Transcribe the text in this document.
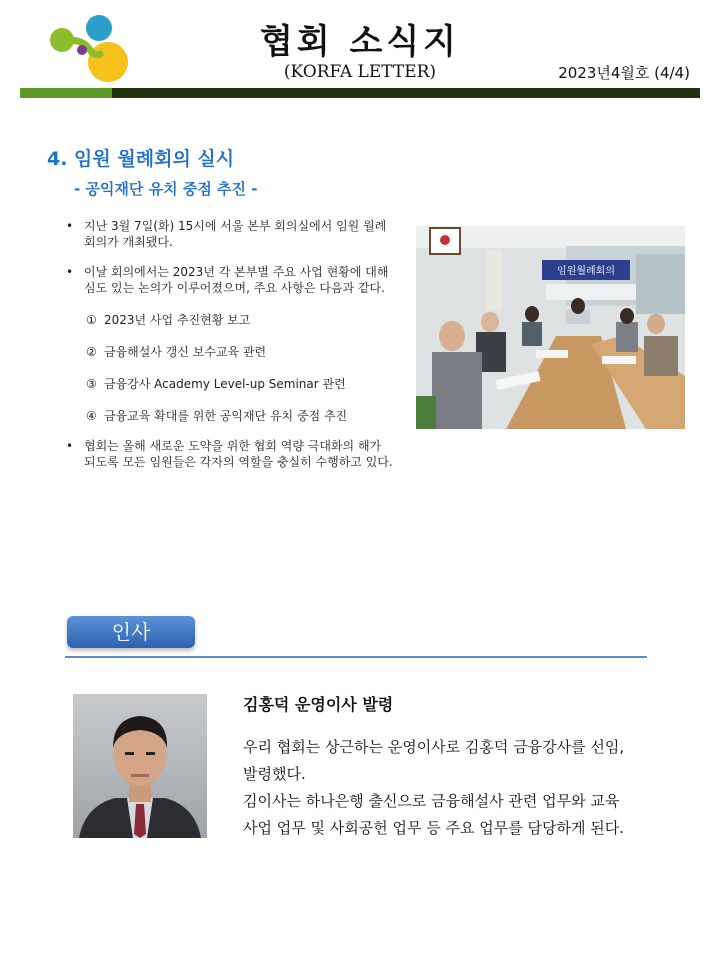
협회 소식지
(KORFA LETTER)	2023년4월호 (4/4)
4. 임원 월례회의 실시
- 공익재단 유치 중점 추진 -
• 지난 3월 7일(화) 15시에 서울 본부 회의실에서 임원 월례회의가 개최됐다.
• 이날 회의에서는 2023년 각 본부별 주요 사업 현황에 대해 심도 있는 논의가 이루어졌으며, 주요 사항은 다음과 같다.
① 2023년 사업 추진현황 보고
② 금융해설사 갱신 보수교육 관련
③ 금융강사 Academy Level-up Seminar 관련
④ 금융교육 확대를 위한 공익재단 유치 중점 추진
• 협회는 올해 새로운 도약을 위한 협회 역량 극대화의 해가 되도록 모든 임원들은 각자의 역할을 충실히 수행하고 있다.
임원월례회의
인사
김홍덕 운영이사 발령
우리 협회는 상근하는 운영이사로 김홍덕 금융강사를 선임,
발령했다.
김이사는 하나은행 출신으로 금융해설사 관련 업무와 교육
사업 업무 및 사회공헌 업무 등 주요 업무를 담당하게 된다.
